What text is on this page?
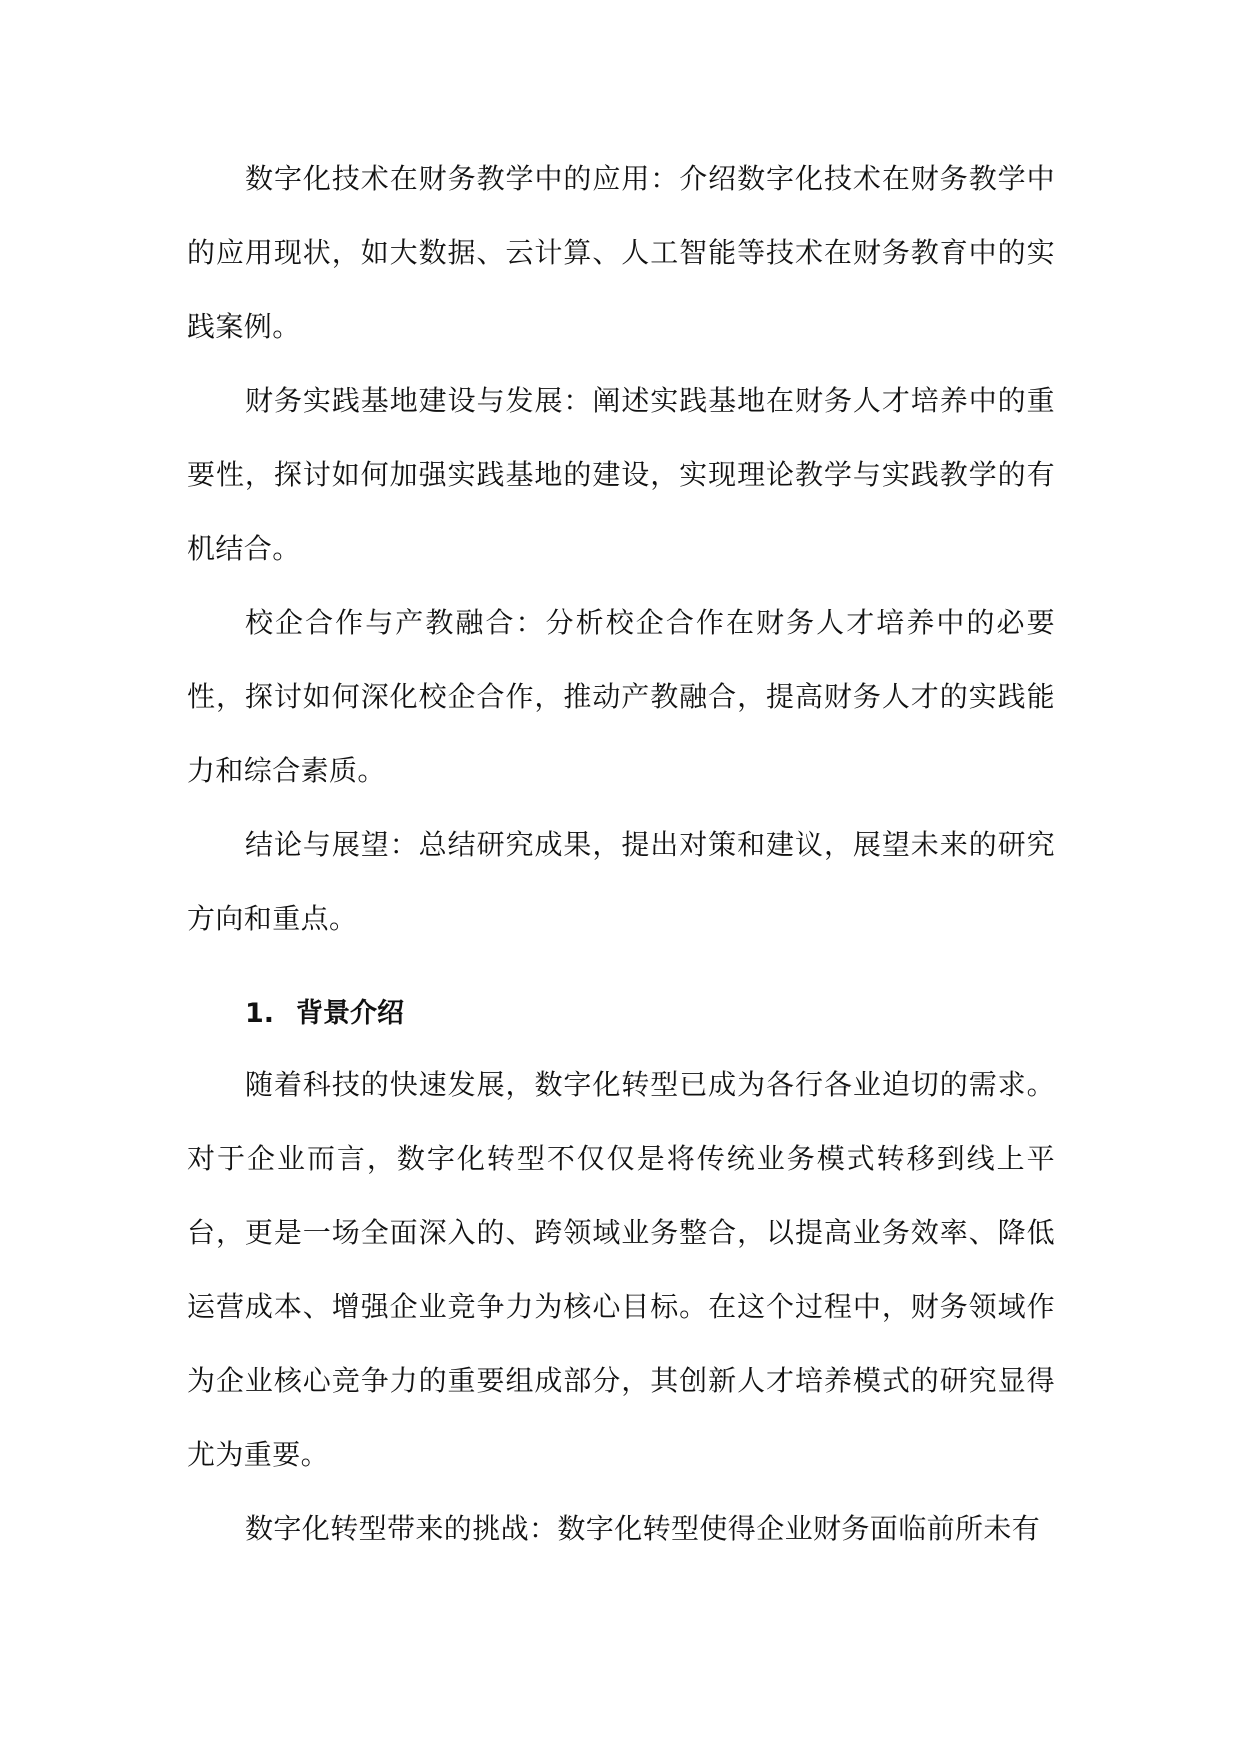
数字化技术在财务教学中的应用：介绍数字化技术在财务教学中的应用现状，如大数据、云计算、人工智能等技术在财务教育中的实践案例。

财务实践基地建设与发展：阐述实践基地在财务人才培养中的重要性，探讨如何加强实践基地的建设，实现理论教学与实践教学的有机结合。

校企合作与产教融合：分析校企合作在财务人才培养中的必要性，探讨如何深化校企合作，推动产教融合，提高财务人才的实践能力和综合素质。

结论与展望：总结研究成果，提出对策和建议，展望未来的研究方向和重点。

1. 背景介绍

随着科技的快速发展，数字化转型已成为各行各业迫切的需求。对于企业而言，数字化转型不仅仅是将传统业务模式转移到线上平台，更是一场全面深入的、跨领域业务整合，以提高业务效率、降低运营成本、增强企业竞争力为核心目标。在这个过程中，财务领域作为企业核心竞争力的重要组成部分，其创新人才培养模式的研究显得尤为重要。

数字化转型带来的挑战：数字化转型使得企业财务面临前所未有
